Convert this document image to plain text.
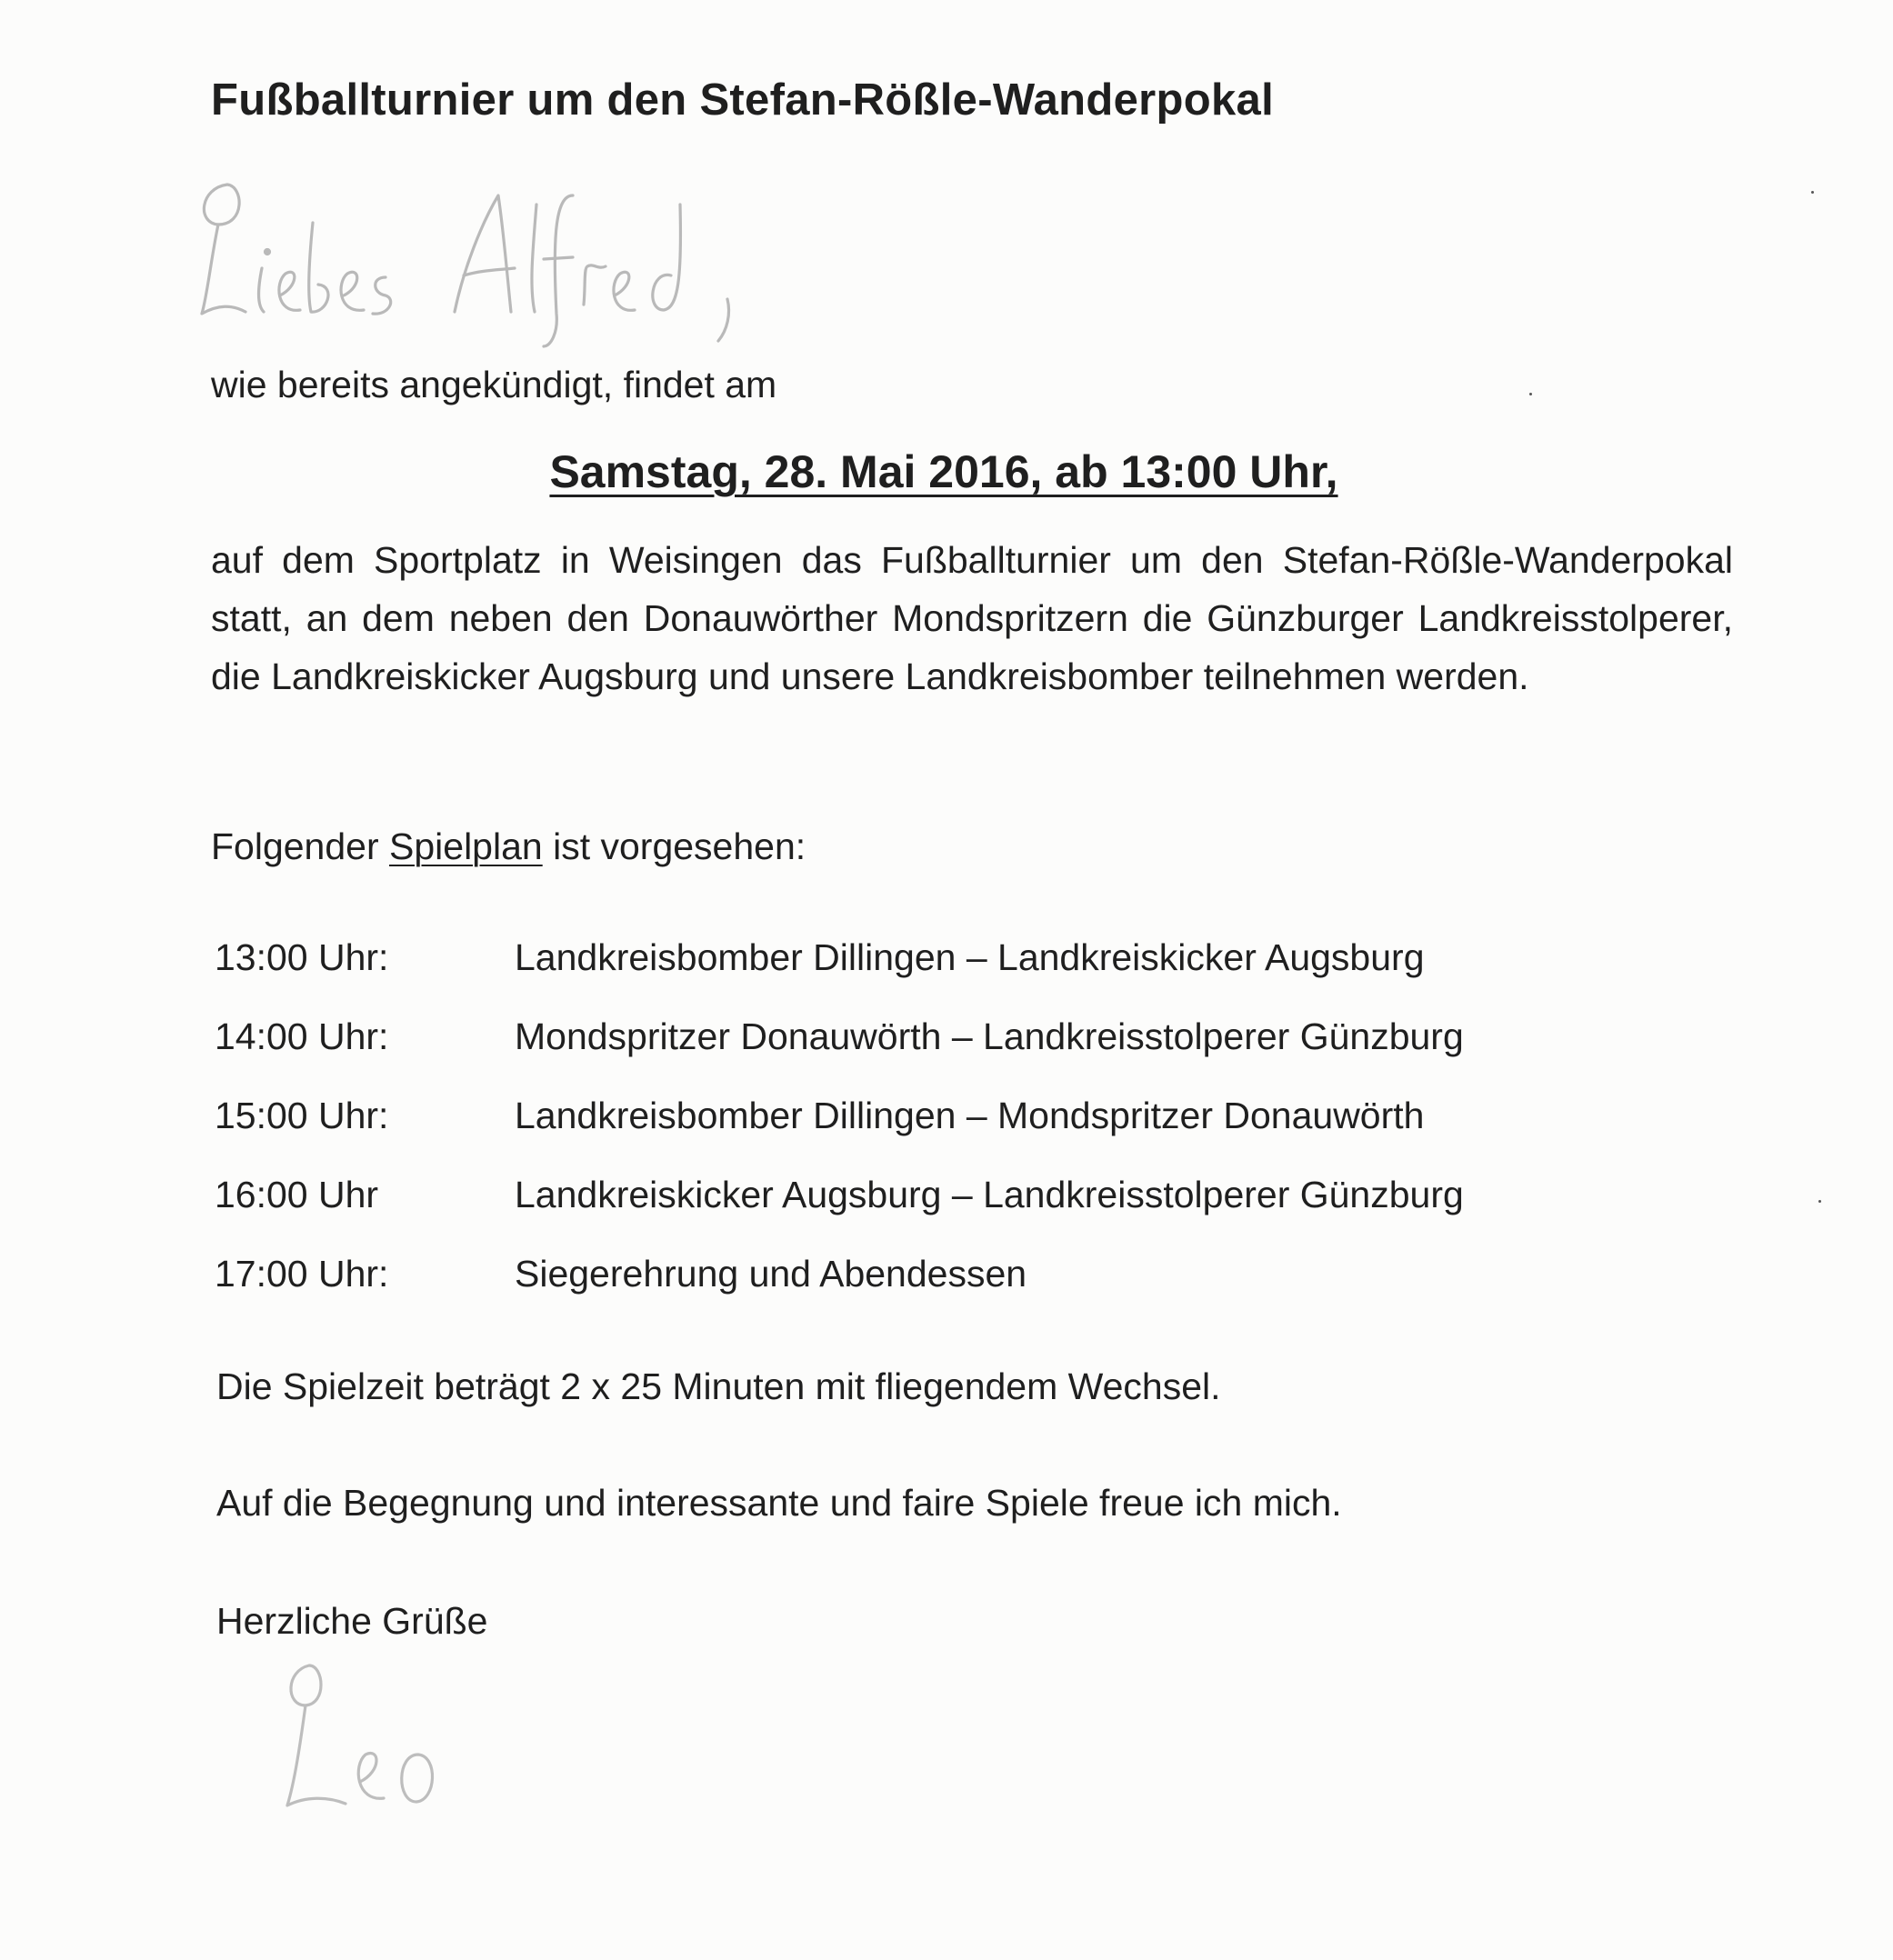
Fußballturnier um den Stefan-Rößle-Wanderpokal
wie bereits angekündigt, findet am
Samstag, 28. Mai 2016, ab 13:00 Uhr,
auf dem Sportplatz in Weisingen das Fußballturnier um den Stefan-Rößle-Wanderpokal statt, an dem neben den Donauwörther Mondspritzern die Günzburger Landkreisstolperer, die Landkreiskicker Augsburg und unsere Landkreisbomber teilnehmen werden.
Folgender Spielplan ist vorgesehen:
13:00 Uhr:	Landkreisbomber Dillingen – Landkreiskicker Augsburg
14:00 Uhr:	Mondspritzer Donauwörth – Landkreisstolperer Günzburg
15:00 Uhr:	Landkreisbomber Dillingen – Mondspritzer Donauwörth
16:00 Uhr	Landkreiskicker Augsburg – Landkreisstolperer Günzburg
17:00 Uhr:	Siegerehrung und Abendessen
Die Spielzeit beträgt 2 x 25 Minuten mit fliegendem Wechsel.
Auf die Begegnung und interessante und faire Spiele freue ich mich.
Herzliche Grüße
